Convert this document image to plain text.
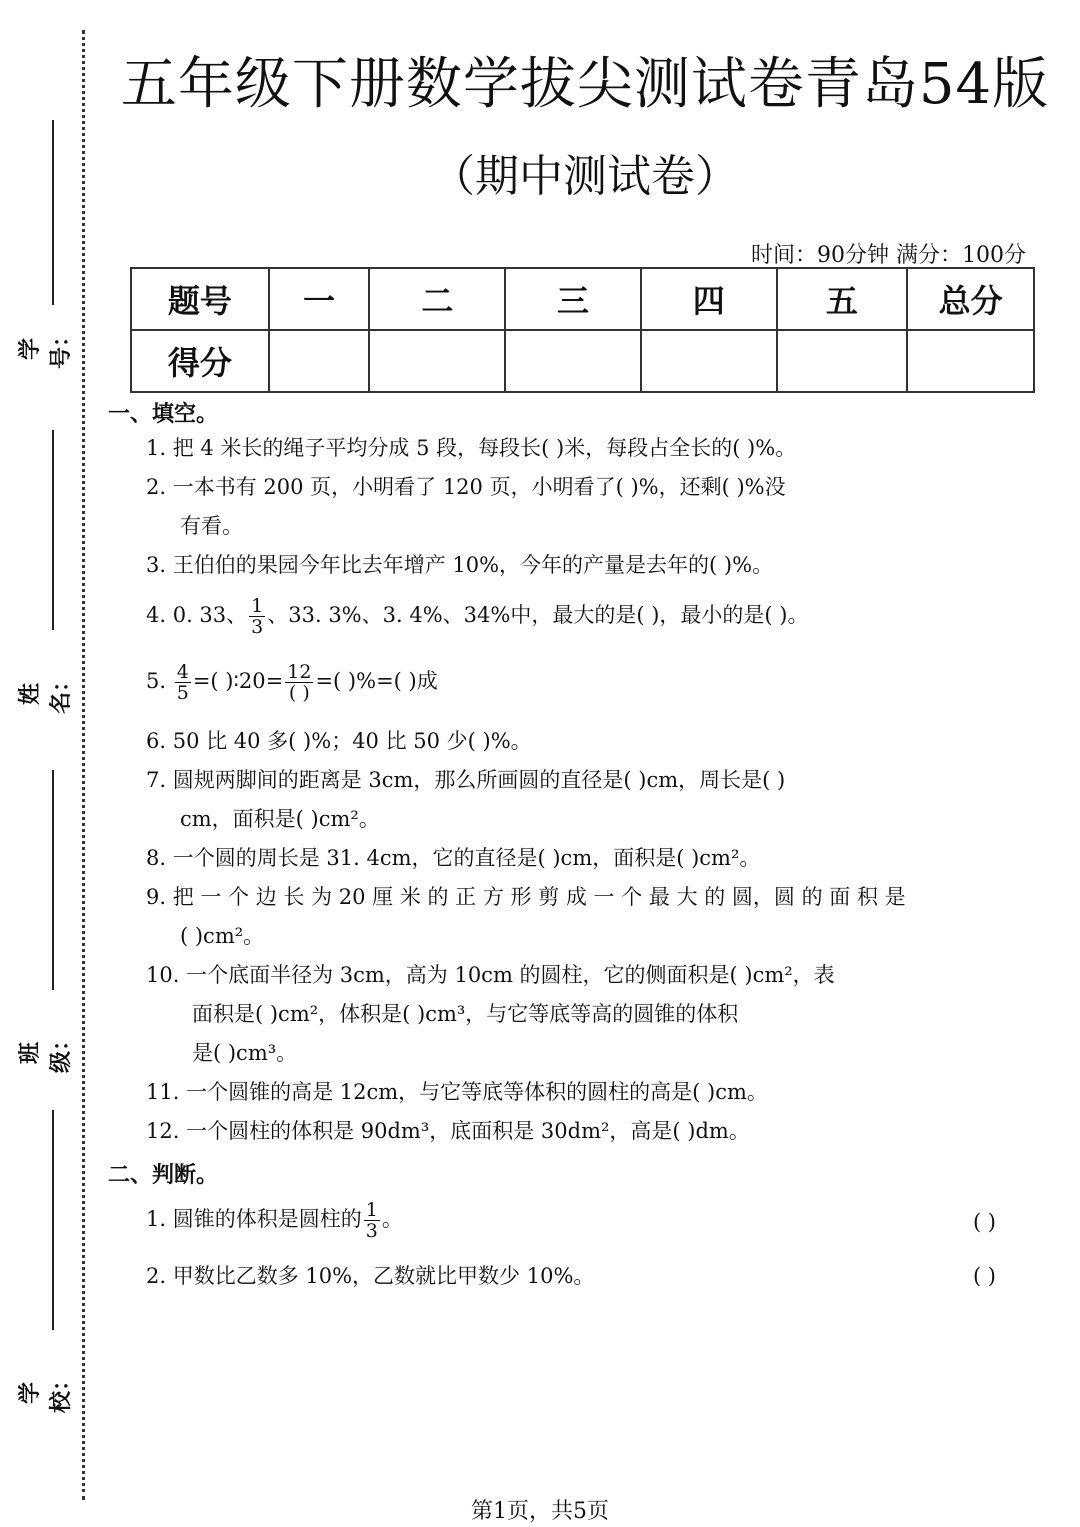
学号：
姓名：
班级：
学校：
五年级下册数学拔尖测试卷青岛54版
（期中测试卷）
时间：90分钟 满分：100分
题号	一	二	三	四	五	总分
得分						
一、填空。
1. 把 4 米长的绳子平均分成 5 段，每段长( )米，每段占全长的( )%。
2. 一本书有 200 页，小明看了 120 页，小明看了( )%，还剩( )%没
有看。
3. 王伯伯的果园今年比去年增产 10%，今年的产量是去年的( )%。
4. 0. 33、 $\frac{1}{3}$ 、33. 3%、3. 4%、34%中，最大的是( )，最小的是( )。
5. $\frac{4}{5}$ =( )∶20= $\frac{12}{( )}$ =( )%=( )成
6. 50 比 40 多( )%；40 比 50 少( )%。
7. 圆规两脚间的距离是 3cm，那么所画圆的直径是( )cm，周长是( )
cm，面积是( )cm²。
8. 一个圆的周长是 31. 4cm，它的直径是( )cm，面积是( )cm²。
9. 把 一 个 边 长 为 20 厘 米 的 正 方 形 剪 成 一 个 最 大 的 圆，圆 的 面 积 是
( )cm²。
10. 一个底面半径为 3cm，高为 10cm 的圆柱，它的侧面积是( )cm²，表
面积是( )cm²，体积是( )cm³，与它等底等高的圆锥的体积
是( )cm³。
11. 一个圆锥的高是 12cm，与它等底等体积的圆柱的高是( )cm。
12. 一个圆柱的体积是 90dm³，底面积是 30dm²，高是( )dm。
二、判断。
1. 圆锥的体积是圆柱的 $\frac{1}{3}$ 。	( )
2. 甲数比乙数多 10%，乙数就比甲数少 10%。	( )
第1页，共5页
